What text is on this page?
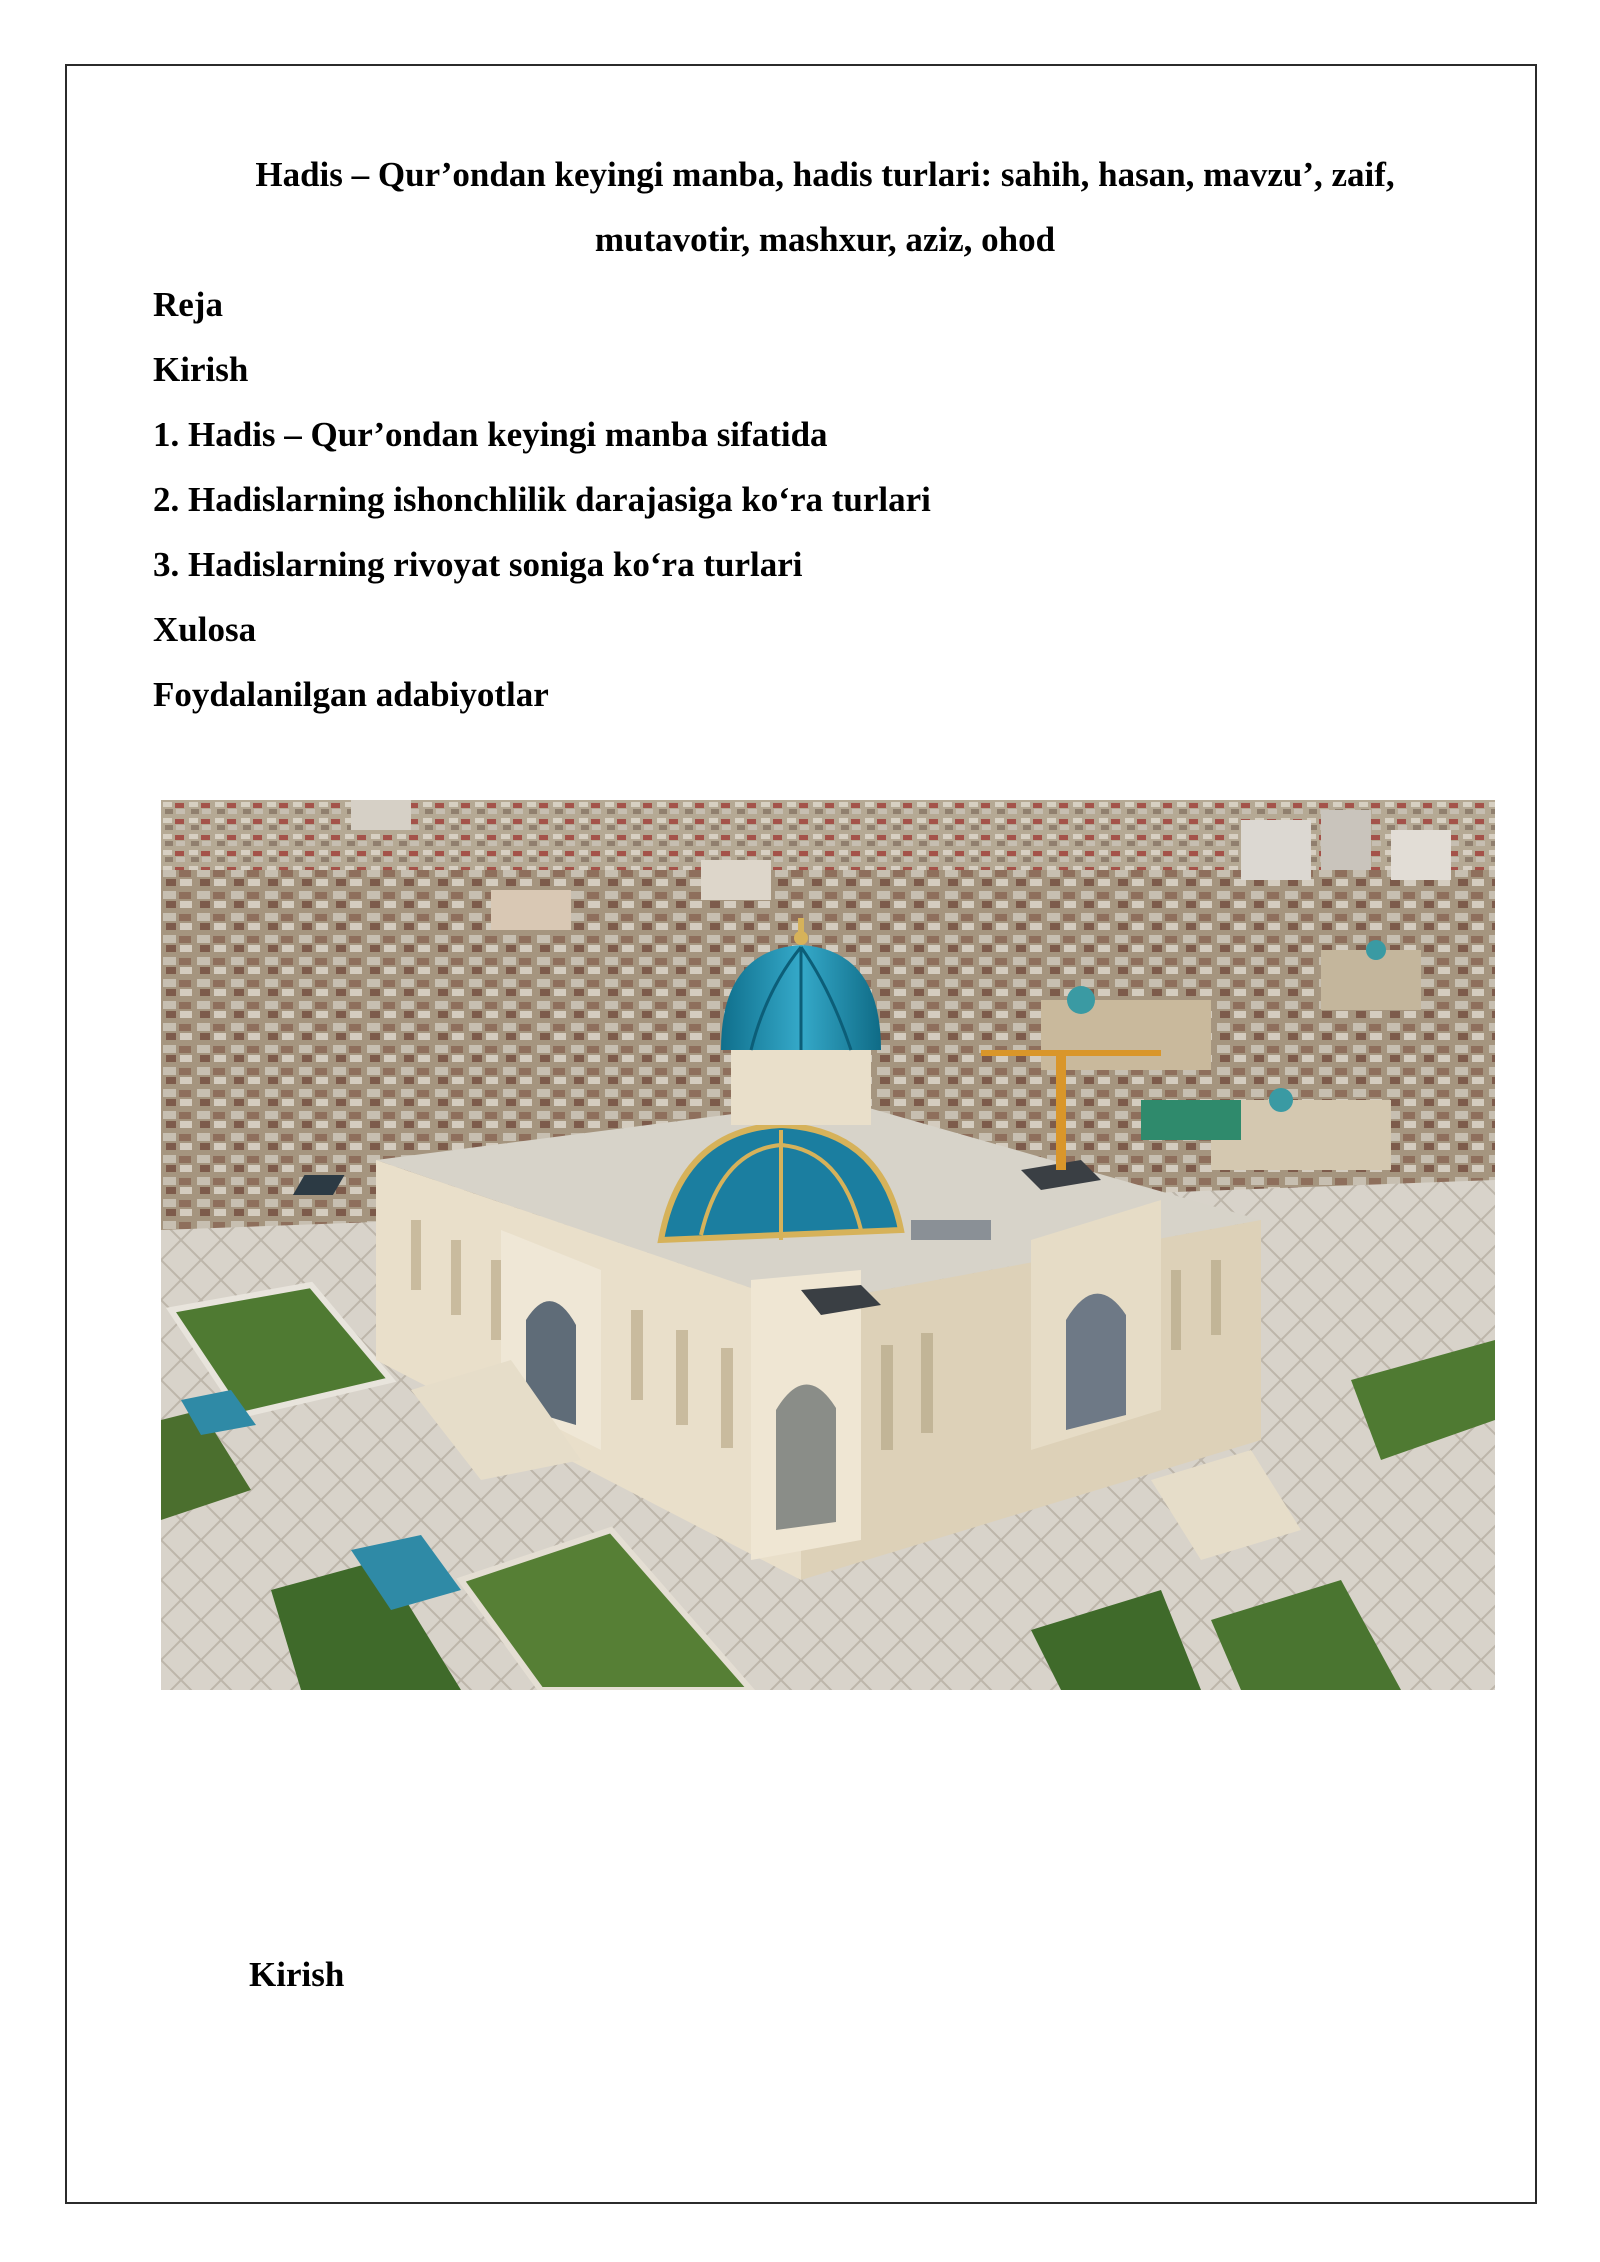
Hadis – Qur’ondan keyingi manba, hadis turlari: sahih, hasan, mavzu’, zaif,
mutavotir, mashxur, aziz, ohod
Reja
Kirish
1. Hadis – Qur’ondan keyingi manba sifatida
2. Hadislarning ishonchlilik darajasiga ko‘ra turlari
3. Hadislarning rivoyat soniga ko‘ra turlari
Xulosa
Foydalanilgan adabiyotlar
Kirish
